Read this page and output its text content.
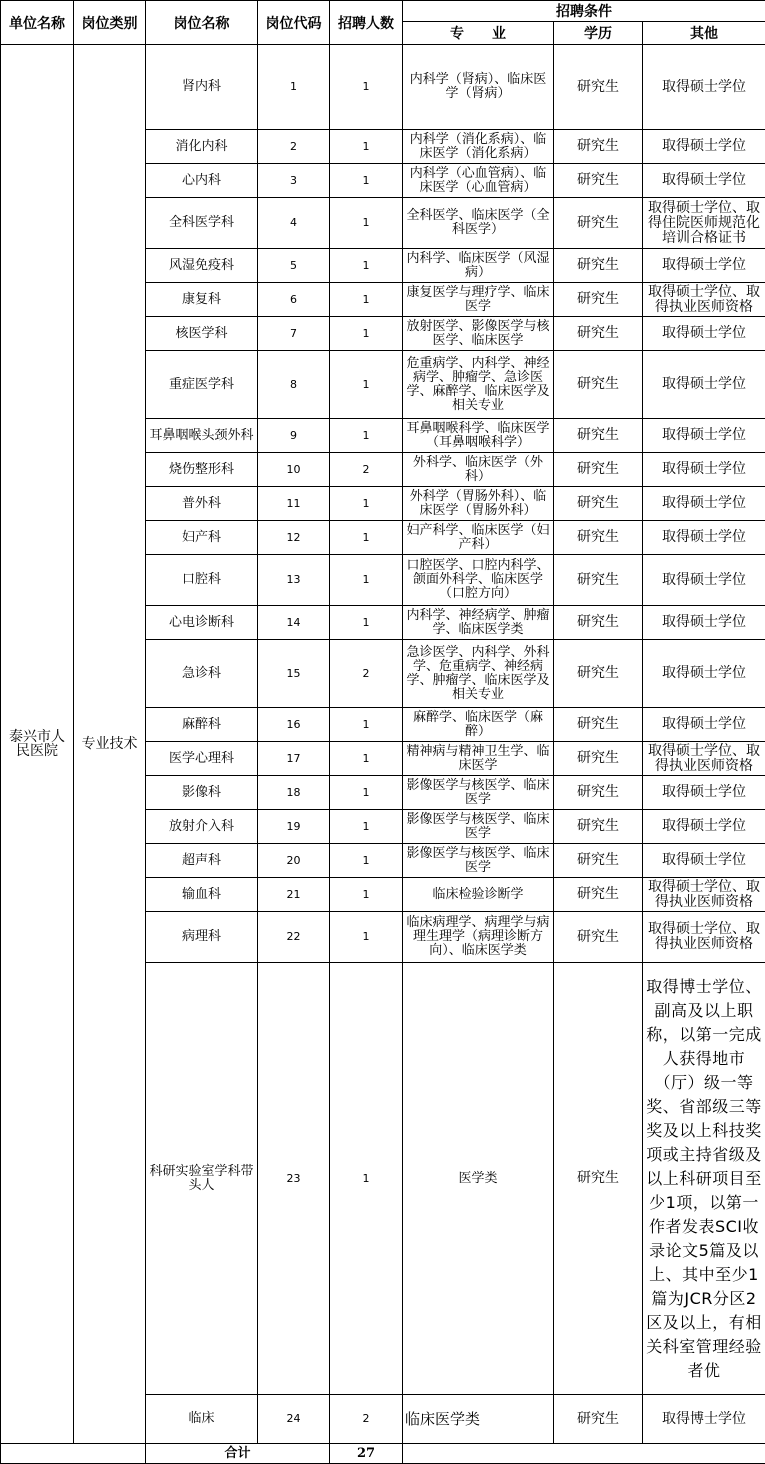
单位名称	岗位类别	岗位名称	岗位代码	招聘人数	招聘条件		
					专　　业	学历	其他
泰兴市人民医院	专业技术	肾内科	1	1	内科学（肾病）、临床医学（肾病）	研究生	取得硕士学位
		消化内科	2	1	内科学（消化系病）、临床医学（消化系病）	研究生	取得硕士学位
		心内科	3	1	内科学（心血管病）、临床医学（心血管病）	研究生	取得硕士学位
		全科医学科	4	1	全科医学、临床医学（全科医学）	研究生	取得硕士学位、取得住院医师规范化培训合格证书
		风湿免疫科	5	1	内科学、临床医学（风湿病）	研究生	取得硕士学位
		康复科	6	1	康复医学与理疗学、临床医学	研究生	取得硕士学位、取得执业医师资格
		核医学科	7	1	放射医学、影像医学与核医学、临床医学	研究生	取得硕士学位
		重症医学科	8	1	危重病学、内科学、神经病学、肿瘤学、急诊医学、麻醉学、临床医学及相关专业	研究生	取得硕士学位
		耳鼻咽喉头颈外科	9	1	耳鼻咽喉科学、临床医学（耳鼻咽喉科学）	研究生	取得硕士学位
		烧伤整形科	10	2	外科学、临床医学（外科）	研究生	取得硕士学位
		普外科	11	1	外科学（胃肠外科）、临床医学（胃肠外科）	研究生	取得硕士学位
		妇产科	12	1	妇产科学、临床医学（妇产科）	研究生	取得硕士学位
		口腔科	13	1	口腔医学、口腔内科学、颌面外科学、临床医学（口腔方向）	研究生	取得硕士学位
		心电诊断科	14	1	内科学、神经病学、肿瘤学、临床医学类	研究生	取得硕士学位
		急诊科	15	2	急诊医学、内科学、外科学、危重病学、神经病学、肿瘤学、临床医学及相关专业	研究生	取得硕士学位
		麻醉科	16	1	麻醉学、临床医学（麻醉）	研究生	取得硕士学位
		医学心理科	17	1	精神病与精神卫生学、临床医学	研究生	取得硕士学位、取得执业医师资格
		影像科	18	1	影像医学与核医学、临床医学	研究生	取得硕士学位
		放射介入科	19	1	影像医学与核医学、临床医学	研究生	取得硕士学位
		超声科	20	1	影像医学与核医学、临床医学	研究生	取得硕士学位
		输血科	21	1	临床检验诊断学	研究生	取得硕士学位、取得执业医师资格
		病理科	22	1	临床病理学、病理学与病理生理学（病理诊断方向）、临床医学类	研究生	取得硕士学位、取得执业医师资格
		科研实验室学科带头人	23	1	医学类	研究生	取得博士学位、副高及以上职称，以第一完成人获得地市（厅）级一等奖、省部级三等奖及以上科技奖项或主持省级及以上科研项目至少1项，以第一作者发表SCI收录论文5篇及以上、其中至少1篇为JCR分区2区及以上，有相关科室管理经验者优
		临床	24	2	临床医学类	研究生	取得博士学位
		合计		27			
